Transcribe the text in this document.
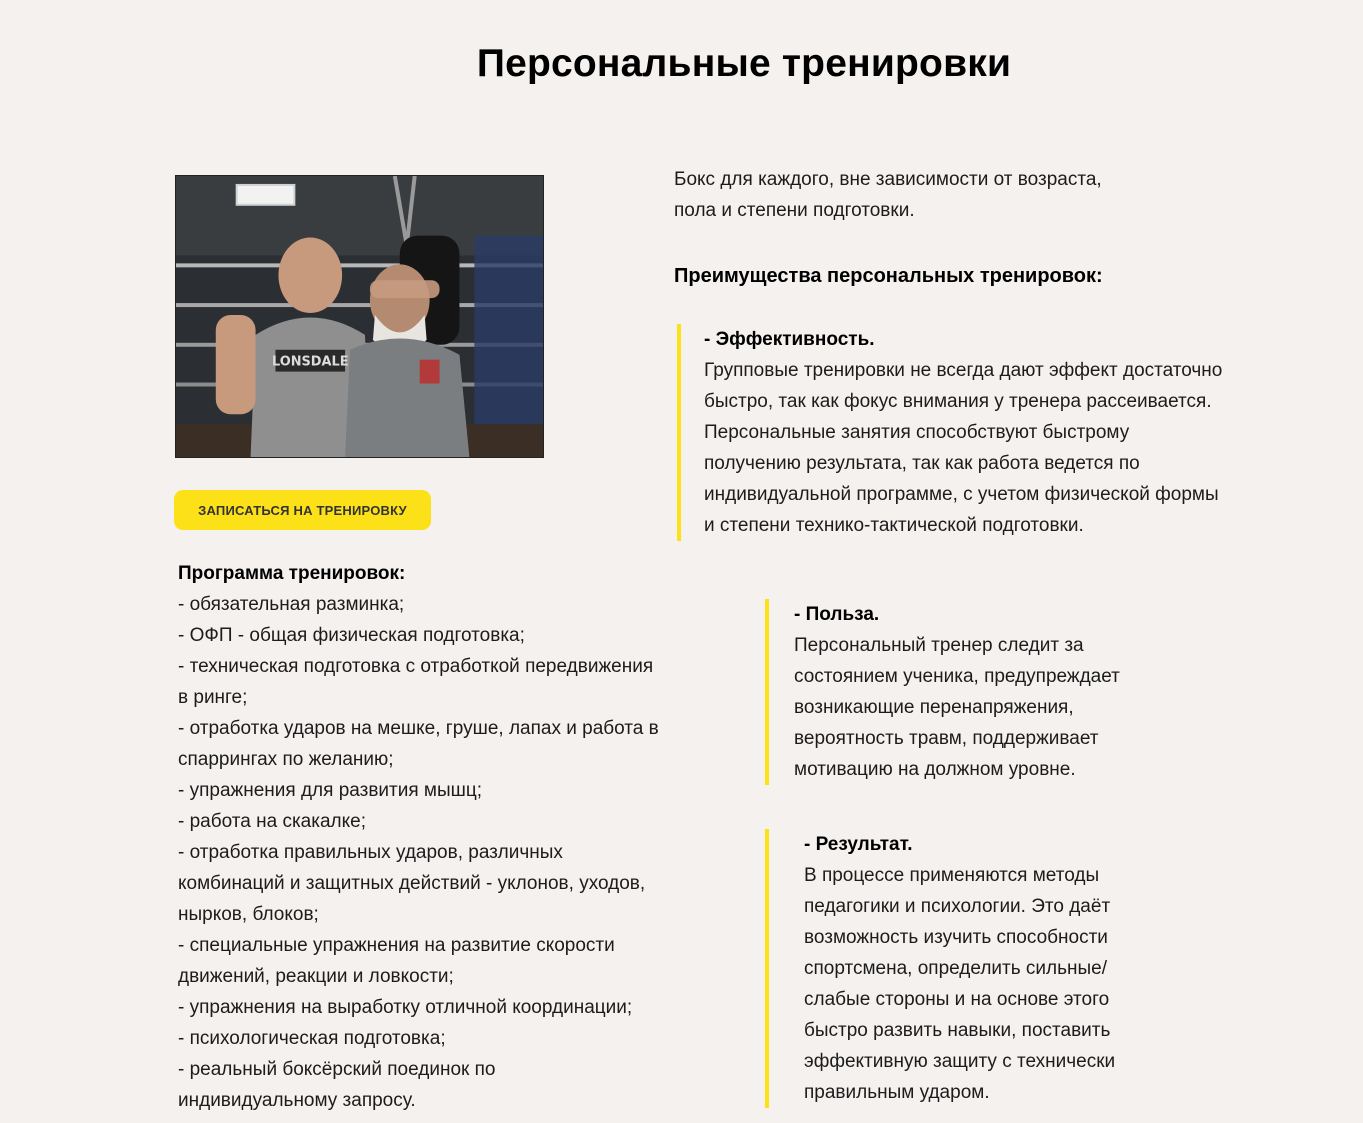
Персональные тренировки
LONSDALE
ЗАПИСАТЬСЯ НА ТРЕНИРОВКУ
Бокс для каждого, вне зависимости от возраста,
пола и степени подготовки.
Преимущества персональных тренировок:
- Эффективность.
Групповые тренировки не всегда дают эффект достаточно
быстро, так как фокус внимания у тренера рассеивается.
Персональные занятия способствуют быстрому
получению результата, так как работа ведется по
индивидуальной программе, с учетом физической формы
и степени технико-тактической подготовки.
- Польза.
Персональный тренер следит за
состоянием ученика, предупреждает
возникающие перенапряжения,
вероятность травм, поддерживает
мотивацию на должном уровне.
- Результат.
В процессе применяются методы
педагогики и психологии. Это даёт
возможность изучить способности
спортсмена, определить сильные/
слабые стороны и на основе этого
быстро развить навыки, поставить
эффективную защиту с технически
правильным ударом.
Программа тренировок:
- обязательная разминка;
- ОФП - общая физическая подготовка;
- техническая подготовка с отработкой передвижения
в ринге;
- отработка ударов на мешке, груше, лапах и работа в
спаррингах по желанию;
- упражнения для развития мышц;
- работа на скакалке;
- отработка правильных ударов, различных
комбинаций и защитных действий - уклонов, уходов,
нырков, блоков;
- специальные упражнения на развитие скорости
движений, реакции и ловкости;
- упражнения на выработку отличной координации;
- психологическая подготовка;
- реальный боксёрский поединок по
индивидуальному запросу.
